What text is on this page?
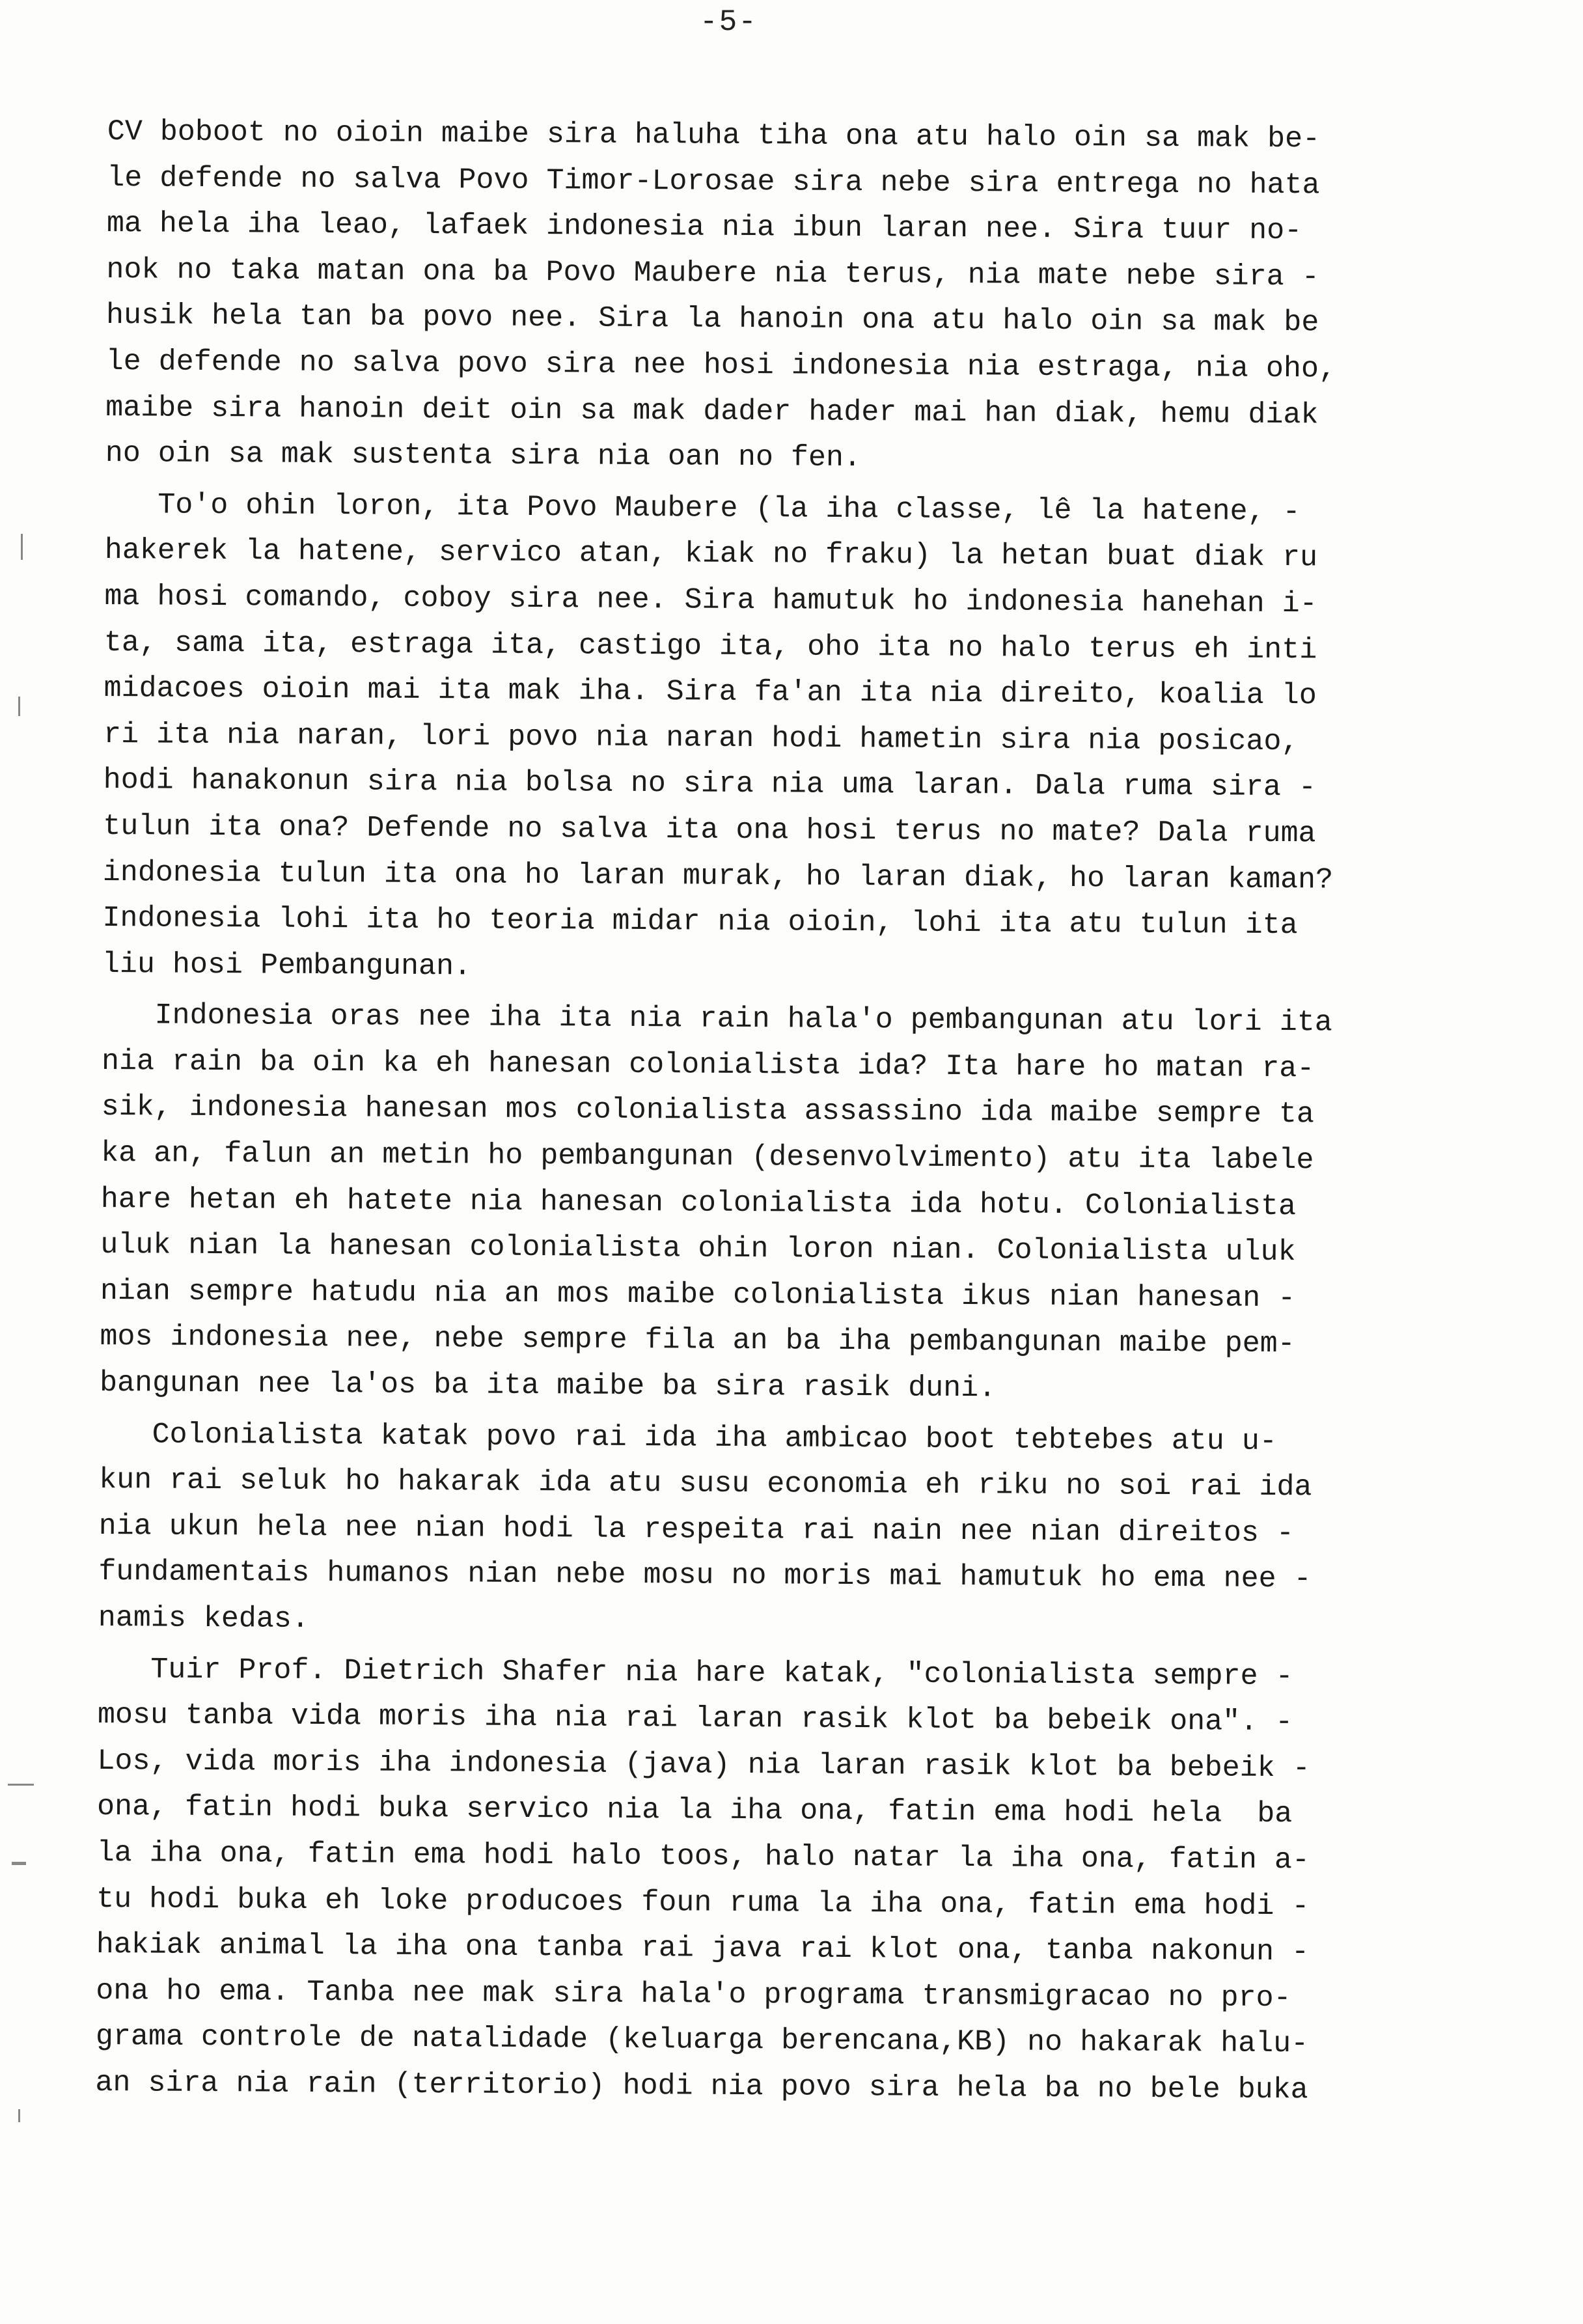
-5-
CV boboot no oioin maibe sira haluha tiha ona atu halo oin sa mak be-
le defende no salva Povo Timor-Lorosae sira nebe sira entrega no hata
ma hela iha leao, lafaek indonesia nia ibun laran nee. Sira tuur no-
nok no taka matan ona ba Povo Maubere nia terus, nia mate nebe sira -
husik hela tan ba povo nee. Sira la hanoin ona atu halo oin sa mak be
le defende no salva povo sira nee hosi indonesia nia estraga, nia oho,
maibe sira hanoin deit oin sa mak dader hader mai han diak, hemu diak
no oin sa mak sustenta sira nia oan no fen.
To'o ohin loron, ita Povo Maubere (la iha classe, lê la hatene, -
hakerek la hatene, servico atan, kiak no fraku) la hetan buat diak ru
ma hosi comando, coboy sira nee. Sira hamutuk ho indonesia hanehan i-
ta, sama ita, estraga ita, castigo ita, oho ita no halo terus eh inti
midacoes oioin mai ita mak iha. Sira fa'an ita nia direito, koalia lo
ri ita nia naran, lori povo nia naran hodi hametin sira nia posicao,
hodi hanakonun sira nia bolsa no sira nia uma laran. Dala ruma sira -
tulun ita ona? Defende no salva ita ona hosi terus no mate? Dala ruma
indonesia tulun ita ona ho laran murak, ho laran diak, ho laran kaman?
Indonesia lohi ita ho teoria midar nia oioin, lohi ita atu tulun ita
liu hosi Pembangunan.
Indonesia oras nee iha ita nia rain hala'o pembangunan atu lori ita
nia rain ba oin ka eh hanesan colonialista ida? Ita hare ho matan ra-
sik, indonesia hanesan mos colonialista assassino ida maibe sempre ta
ka an, falun an metin ho pembangunan (desenvolvimento) atu ita labele
hare hetan eh hatete nia hanesan colonialista ida hotu. Colonialista
uluk nian la hanesan colonialista ohin loron nian. Colonialista uluk
nian sempre hatudu nia an mos maibe colonialista ikus nian hanesan -
mos indonesia nee, nebe sempre fila an ba iha pembangunan maibe pem-
bangunan nee la'os ba ita maibe ba sira rasik duni.
Colonialista katak povo rai ida iha ambicao boot tebtebes atu u-
kun rai seluk ho hakarak ida atu susu economia eh riku no soi rai ida
nia ukun hela nee nian hodi la respeita rai nain nee nian direitos -
fundamentais humanos nian nebe mosu no moris mai hamutuk ho ema nee -
namis kedas.
Tuir Prof. Dietrich Shafer nia hare katak, "colonialista sempre -
mosu tanba vida moris iha nia rai laran rasik klot ba bebeik ona". -
Los, vida moris iha indonesia (java) nia laran rasik klot ba bebeik -
ona, fatin hodi buka servico nia la iha ona, fatin ema hodi hela  ba
la iha ona, fatin ema hodi halo toos, halo natar la iha ona, fatin a-
tu hodi buka eh loke producoes foun ruma la iha ona, fatin ema hodi -
hakiak animal la iha ona tanba rai java rai klot ona, tanba nakonun -
ona ho ema. Tanba nee mak sira hala'o programa transmigracao no pro-
grama controle de natalidade (keluarga berencana,KB) no hakarak halu-
an sira nia rain (territorio) hodi nia povo sira hela ba no bele buka
